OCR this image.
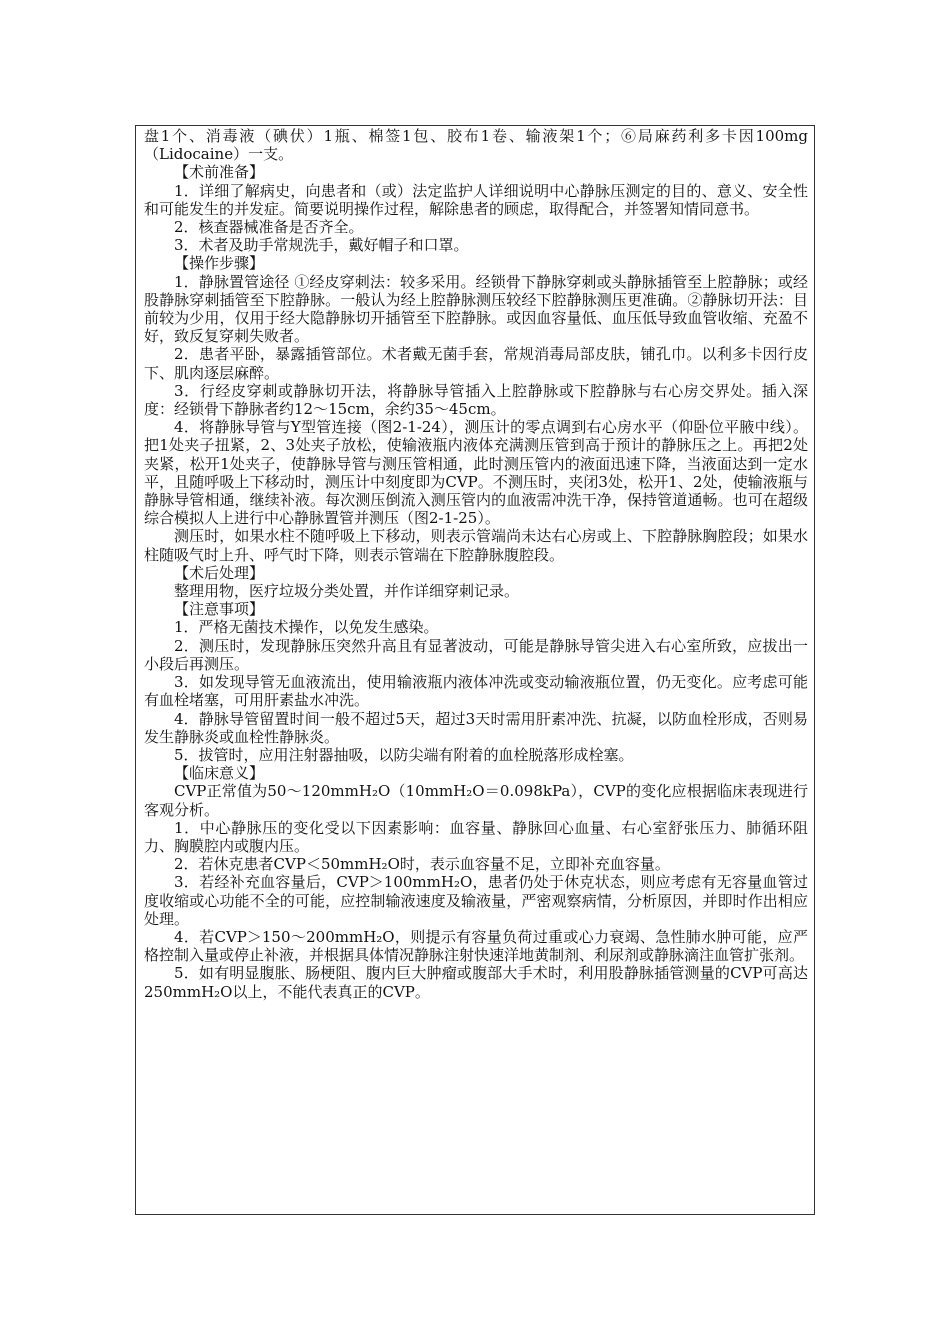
盘1个、消毒液（碘伏）1瓶、棉签1包、胶布1卷、输液架1个；⑥局麻药利多卡因100mg（Lidocaine）一支。

【术前准备】

1．详细了解病史，向患者和（或）法定监护人详细说明中心静脉压测定的目的、意义、安全性和可能发生的并发症。简要说明操作过程，解除患者的顾虑，取得配合，并签署知情同意书。

2．核查器械准备是否齐全。

3．术者及助手常规洗手，戴好帽子和口罩。

【操作步骤】

1．静脉置管途径 ①经皮穿刺法：较多采用。经锁骨下静脉穿刺或头静脉插管至上腔静脉；或经股静脉穿刺插管至下腔静脉。一般认为经上腔静脉测压较经下腔静脉测压更准确。②静脉切开法：目前较为少用，仅用于经大隐静脉切开插管至下腔静脉。或因血容量低、血压低导致血管收缩、充盈不好，致反复穿刺失败者。

2．患者平卧，暴露插管部位。术者戴无菌手套，常规消毒局部皮肤，铺孔巾。以利多卡因行皮下、肌肉逐层麻醉。

3．行经皮穿刺或静脉切开法，将静脉导管插入上腔静脉或下腔静脉与右心房交界处。插入深度：经锁骨下静脉者约12～15cm，余约35～45cm。

4．将静脉导管与Y型管连接（图2-1-24），测压计的零点调到右心房水平（仰卧位平腋中线）。把1处夹子扭紧，2、3处夹子放松，使输液瓶内液体充满测压管到高于预计的静脉压之上。再把2处夹紧，松开1处夹子，使静脉导管与测压管相通，此时测压管内的液面迅速下降，当液面达到一定水平，且随呼吸上下移动时，测压计中刻度即为CVP。不测压时，夹闭3处，松开1、2处，使输液瓶与静脉导管相通，继续补液。每次测压倒流入测压管内的血液需冲洗干净，保持管道通畅。也可在超级综合模拟人上进行中心静脉置管并测压（图2-1-25）。

测压时，如果水柱不随呼吸上下移动，则表示管端尚未达右心房或上、下腔静脉胸腔段；如果水柱随吸气时上升、呼气时下降，则表示管端在下腔静脉腹腔段。

【术后处理】

整理用物，医疗垃圾分类处置，并作详细穿刺记录。

【注意事项】

1．严格无菌技术操作，以免发生感染。

2．测压时，发现静脉压突然升高且有显著波动，可能是静脉导管尖进入右心室所致，应拔出一小段后再测压。

3．如发现导管无血液流出，使用输液瓶内液体冲洗或变动输液瓶位置，仍无变化。应考虑可能有血栓堵塞，可用肝素盐水冲洗。

4．静脉导管留置时间一般不超过5天，超过3天时需用肝素冲洗、抗凝，以防血栓形成，否则易发生静脉炎或血栓性静脉炎。

5．拔管时，应用注射器抽吸，以防尖端有附着的血栓脱落形成栓塞。

【临床意义】

CVP正常值为50～120mmH₂O（10mmH₂O＝0.098kPa），CVP的变化应根据临床表现进行客观分析。

1．中心静脉压的变化受以下因素影响：血容量、静脉回心血量、右心室舒张压力、肺循环阻力、胸膜腔内或腹内压。

2．若休克患者CVP＜50mmH₂O时，表示血容量不足，立即补充血容量。

3．若经补充血容量后，CVP＞100mmH₂O，患者仍处于休克状态，则应考虑有无容量血管过度收缩或心功能不全的可能，应控制输液速度及输液量，严密观察病情，分析原因，并即时作出相应处理。

4．若CVP＞150～200mmH₂O，则提示有容量负荷过重或心力衰竭、急性肺水肿可能，应严格控制入量或停止补液，并根据具体情况静脉注射快速洋地黄制剂、利尿剂或静脉滴注血管扩张剂。

5．如有明显腹胀、肠梗阻、腹内巨大肿瘤或腹部大手术时，利用股静脉插管测量的CVP可高达250mmH₂O以上，不能代表真正的CVP。
